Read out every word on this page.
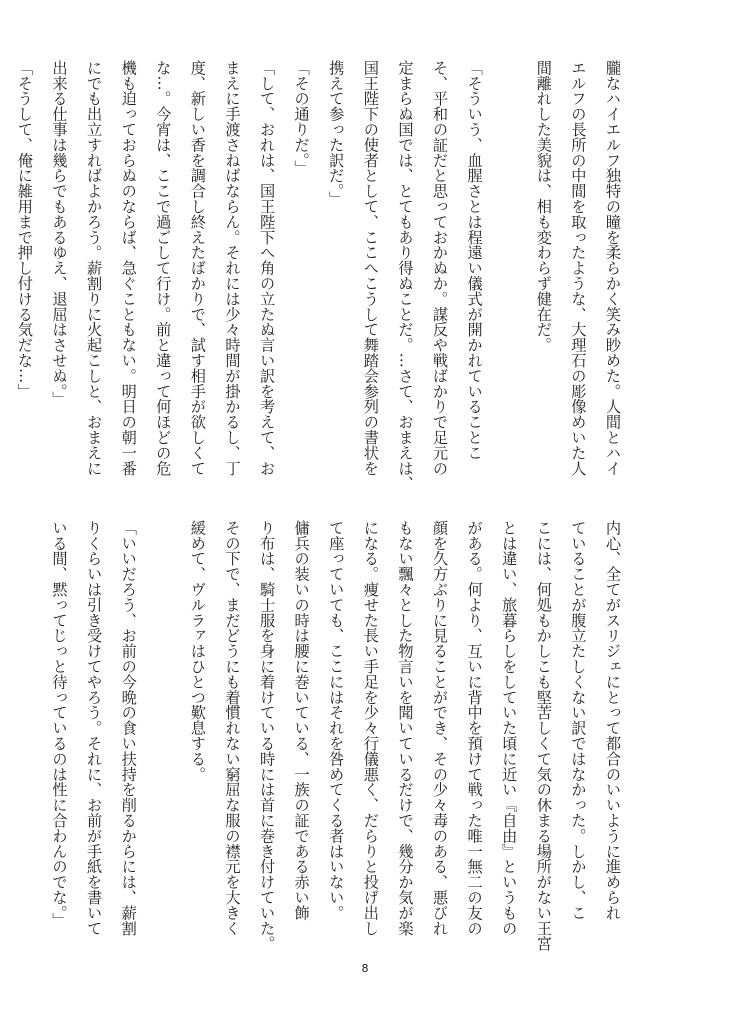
朧なハイエルフ独特の瞳を柔らかく笑み眇めた。人間とハイ
エルフの長所の中間を取ったような、大理石の彫像めいた人
間離れした美貌は、相も変わらず健在だ。

「そういう、血腥さとは程遠い儀式が開かれていることこ
そ、平和の証だと思っておかぬか。謀反や戦ばかりで足元の
定まらぬ国では、とてもあり得ぬことだ。…さて、おまえは、
国王陛下の使者として、ここへこうして舞踏会参列の書状を
携えて参った訳だ。」
「その通りだ。」
「して、おれは、国王陛下へ角の立たぬ言い訳を考えて、お
まえに手渡さねばならん。それには少々時間が掛かるし、丁
度、新しい香を調合し終えたばかりで、試す相手が欲しくて
な…。今宵は、ここで過ごして行け。前と違って何ほどの危
機も迫っておらぬのならば、急ぐこともない。明日の朝一番
にでも出立すればよかろう。薪割りに火起こしと、おまえに
出来る仕事は幾らでもあるゆえ、退屈はさせぬ。」
「そうして、俺に雑用まで押し付ける気だな…」
内心、全てがスリジェにとって都合のいいように進められ
ていることが腹立たしくない訳ではなかった。しかし、こ
こには、何処もかしこも堅苦しくて気の休まる場所がない王宮
とは違い、旅暮らしをしていた頃に近い『自由』というもの
がある。何より、互いに背中を預けて戦った唯一無二の友の
顔を久方ぶりに見ることができ、その少々毒のある、悪びれ
もない飄々とした物言いを聞いているだけで、幾分か気が楽
になる。痩せた長い手足を少々行儀悪く、だらりと投げ出し
て座っていても、ここにはそれを咎めてくる者はいない。
傭兵の装いの時は腰に巻いている、一族の証である赤い飾
り布は、騎士服を身に着けている時には首に巻き付けていた。
その下で、まだどうにも着慣れない窮屈な服の襟元を大きく
緩めて、ヴルラァはひとつ歎息する。

「いいだろう、お前の今晩の食い扶持を削るからには、薪割
りくらいは引き受けてやろう。それに、お前が手紙を書いて
いる間、黙ってじっと待っているのは性に合わんのでな。」
8
